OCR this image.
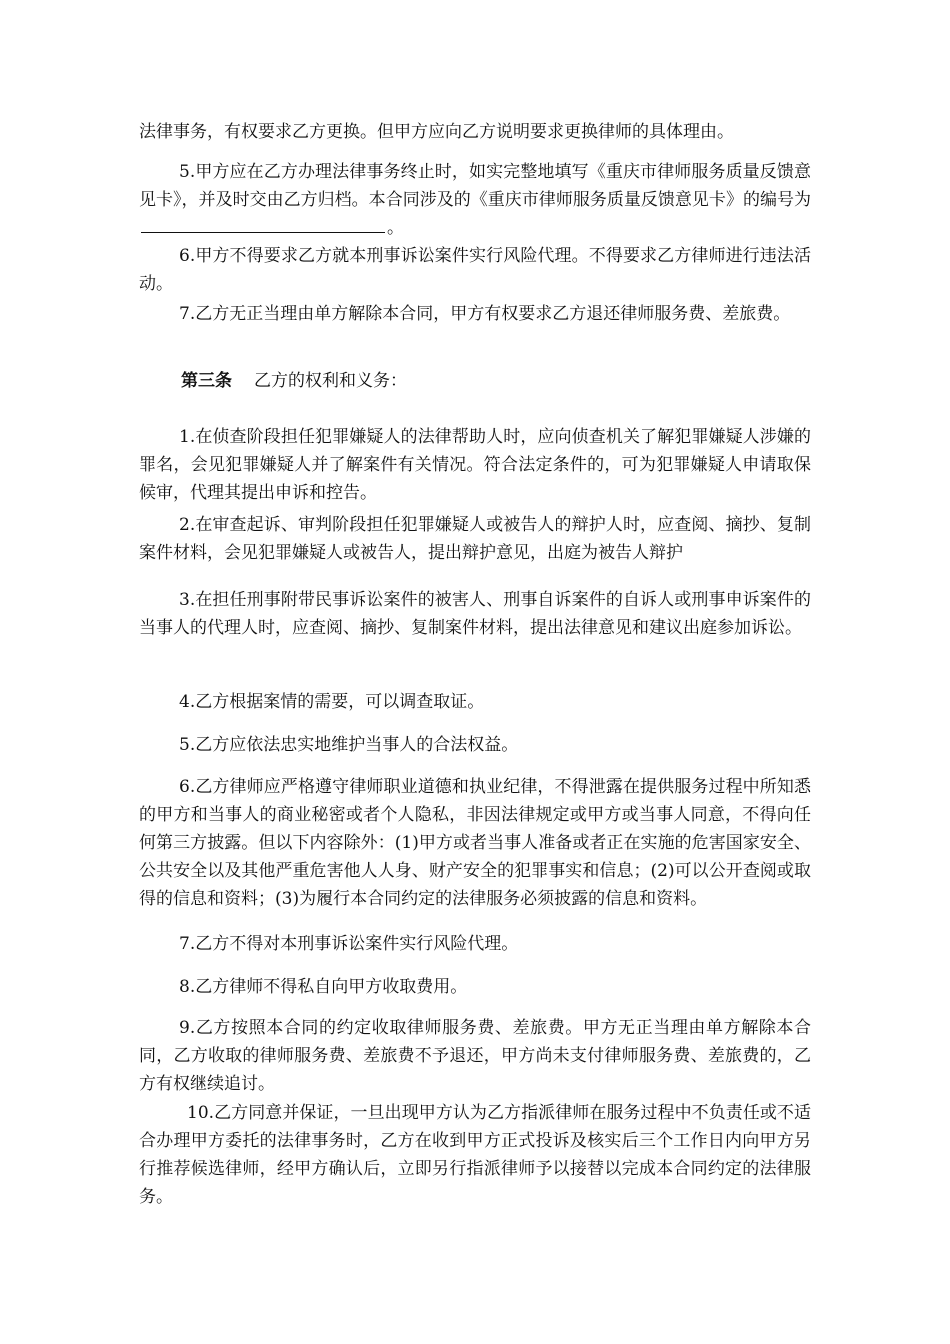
法律事务，有权要求乙方更换。但甲方应向乙方说明要求更换律师的具体理由。
5.甲方应在乙方办理法律事务终止时，如实完整地填写《重庆市律师服务质量反馈意见卡》，并及时交由乙方归档。本合同涉及的《重庆市律师服务质量反馈意见卡》的编号为。
6.甲方不得要求乙方就本刑事诉讼案件实行风险代理。不得要求乙方律师进行违法活动。
7.乙方无正当理由单方解除本合同，甲方有权要求乙方退还律师服务费、差旅费。
第三条 乙方的权利和义务：
1.在侦查阶段担任犯罪嫌疑人的法律帮助人时，应向侦查机关了解犯罪嫌疑人涉嫌的罪名，会见犯罪嫌疑人并了解案件有关情况。符合法定条件的，可为犯罪嫌疑人申请取保候审，代理其提出申诉和控告。
2.在审查起诉、审判阶段担任犯罪嫌疑人或被告人的辩护人时，应查阅、摘抄、复制案件材料，会见犯罪嫌疑人或被告人，提出辩护意见，出庭为被告人辩护
3.在担任刑事附带民事诉讼案件的被害人、刑事自诉案件的自诉人或刑事申诉案件的当事人的代理人时，应查阅、摘抄、复制案件材料，提出法律意见和建议出庭参加诉讼。
4.乙方根据案情的需要，可以调查取证。
5.乙方应依法忠实地维护当事人的合法权益。
6.乙方律师应严格遵守律师职业道德和执业纪律，不得泄露在提供服务过程中所知悉的甲方和当事人的商业秘密或者个人隐私，非因法律规定或甲方或当事人同意，不得向任何第三方披露。但以下内容除外：(1)甲方或者当事人准备或者正在实施的危害国家安全、公共安全以及其他严重危害他人人身、财产安全的犯罪事实和信息；(2)可以公开查阅或取得的信息和资料；(3)为履行本合同约定的法律服务必须披露的信息和资料。
7.乙方不得对本刑事诉讼案件实行风险代理。
8.乙方律师不得私自向甲方收取费用。
9.乙方按照本合同的约定收取律师服务费、差旅费。甲方无正当理由单方解除本合同，乙方收取的律师服务费、差旅费不予退还，甲方尚未支付律师服务费、差旅费的，乙方有权继续追讨。
10.乙方同意并保证，一旦出现甲方认为乙方指派律师在服务过程中不负责任或不适合办理甲方委托的法律事务时，乙方在收到甲方正式投诉及核实后三个工作日内向甲方另行推荐候选律师，经甲方确认后，立即另行指派律师予以接替以完成本合同约定的法律服务。
